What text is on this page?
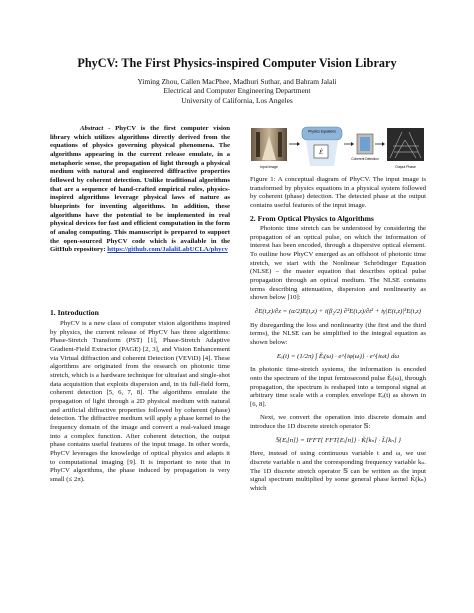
PhyCV: The First Physics-inspired Computer Vision Library
Yiming Zhou, Callen MacPhee, Madhuri Suthar, and Bahram Jalali
Electrical and Computer Engineering Department
University of California, Los Angeles

Abstract - PhyCV is the first computer vision library which utilizes algorithms directly derived from the equations of physics governing physical phenomena. The algorithms appearing in the current release emulate, in a metaphoric sense, the propagation of light through a physical medium with natural and engineered diffractive properties followed by coherent detection. Unlike traditional algorithms that are a sequence of hand-crafted empirical rules, physics-inspired algorithms leverage physical laws of nature as blueprints for inventing algorithms. In addition, these algorithms have the potential to be implemented in real physical devices for fast and efficient computation in the form of analog computing. This manuscript is prepared to support the open-sourced PhyCV code which is available in the GitHub repository: https://github.com/JalaliLabUCLA/phycv

1. Introduction

PhyCV is a new class of computer vision algorithms inspired by physics, the current release of PhyCV has three algorithms: Phase-Stretch Transform (PST) [1], Phase-Stretch Adaptive Gradient-Field Extractor (PAGE) [2, 3], and Vision Enhancement via Virtual diffraction and coherent Detection (VEViD) [4]. These algorithms are originated from the research on photonic time stretch, which is a hardware technique for ultrafast and single-shot data acquisition that exploits dispersion and, in its full-field form, coherent detection [5, 6, 7, 8]. The algorithms emulate the propagation of light through a 2D physical medium with natural and artificial diffractive properties followed by coherent (phase) detection. The diffractive medium will apply a phase kernel to the frequency domain of the image and convert a real-valued image into a complex function. After coherent detection, the output phase contains useful features of the input image. In other words, PhyCV leverages the knowledge of optical physics and adapts it to computational imaging [9]. It is important to note that in PhyCV algorithms, the phase induced by propagation is very small (≤ 2π).

Input Image
Physics Equations
Ê
Coherent Detection
Output Phase

Figure 1: A conceptual diagram of PhyCV. The input image is transformed by physics equations in a physical system followed by coherent (phase) detection. The detected phase at the output contains useful features of the input image.

2. From Optical Physics to Algorithms

Photonic time stretch can be understood by considering the propagation of an optical pulse, on which the information of interest has been encoded, through a dispersive optical element. To outline how PhyCV emerged as an offshoot of photonic time stretch, we start with the Nonlinear Schrödinger Equation (NLSE) – the master equation that describes optical pulse propagation through an optical medium. The NLSE contains terms describing attenuation, dispersion and nonlinearity as shown below [10]:

∂E(t,z)/∂z = (α/2)E(t,z) + i(β₂/2) ∂²E(t,z)/∂t² + iγ|E(t,z)|²E(t,z)

By disregarding the loss and nonlinearity (the first and the third terms), the NLSE can be simplified to the integral equation as shown below:

Eₒ(t) = (1/2π) ∫ Ẽᵢ(ω) · e^{iφ(ω)} · e^{iωt} dω

In photonic time-stretch systems, the information is encoded onto the spectrum of the input femtosecond pulse Ẽᵢ(ω), through propagation, the spectrum is reshaped into a temporal signal at arbitrary time scale with a complex envelope Eₒ(t) as shown in [6, 8].

Next, we convert the operation into discrete domain and introduce the 1D discrete stretch operator 𝕊:

𝕊{Eᵢ[n]} = IFFT{ FFT{Eᵢ[n]} · K̃[kₙ] · L̃[kₙ] }

Here, instead of using continuous variable t and ω, we use discrete variable n and the corresponding frequency variable kₙ. The 1D discrete stretch operator 𝕊 can be written as the input signal spectrum multiplied by some general phase kernel K̃(kₙ) which
